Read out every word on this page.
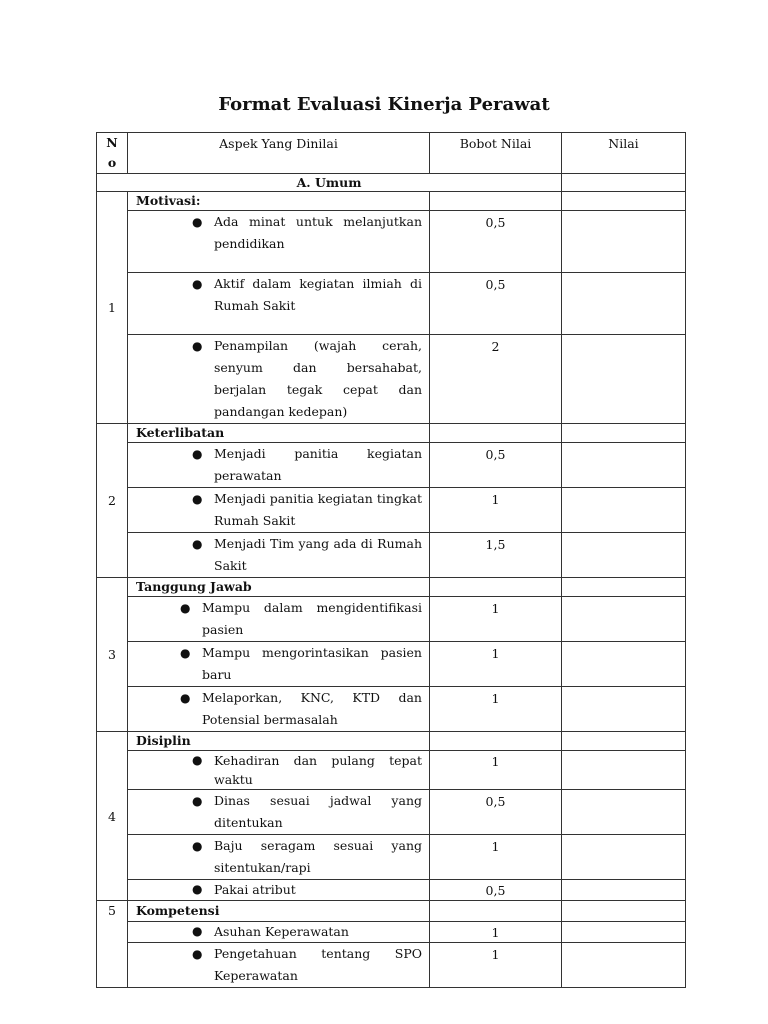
Format Evaluasi Kinerja Perawat
N
o	Aspek Yang Dinilai	Bobot Nilai	Nilai
A. Umum			
1	Motivasi:		

	● Ada minat untuk melanjutkan pendidikan	0,5	

	● Aktif dalam kegiatan ilmiah di Rumah Sakit	0,5	

	● Penampilan (wajah cerah, senyum dan bersahabat, berjalan tegak cepat dan pandangan kedepan)	2	
2	Keterlibatan		

	● Menjadi panitia kegiatan perawatan	0,5	

	● Menjadi panitia kegiatan tingkat Rumah Sakit	1	

	● Menjadi Tim yang ada di Rumah Sakit	1,5	
3	Tanggung Jawab		

	● Mampu dalam mengidentifikasi pasien	1	

	● Mampu mengorintasikan pasien baru	1	

	● Melaporkan, KNC, KTD dan Potensial bermasalah	1	
4	Disiplin		

	● Kehadiran dan pulang tepat waktu	1	

	● Dinas sesuai jadwal yang ditentukan	0,5	

	● Baju seragam sesuai yang sitentukan/rapi	1	

	● Pakai atribut	0,5	
5	Kompetensi		

	● Asuhan Keperawatan	1	

	● Pengetahuan tentang SPO Keperawatan	1	
